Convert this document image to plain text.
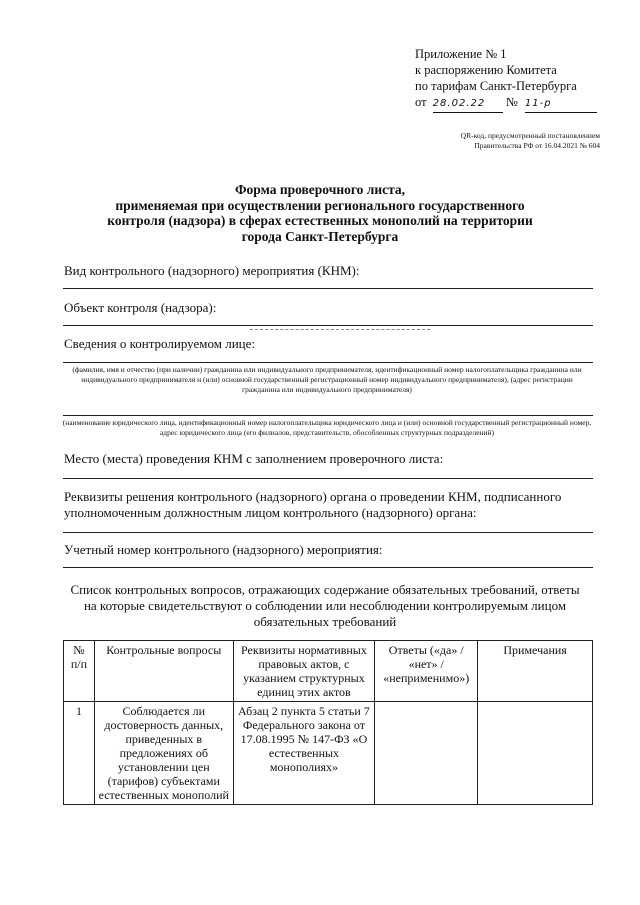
Приложение № 1
к распоряжению Комитета
по тарифам Санкт-Петербурга
от 28.02.22 № 11-р
QR-код, предусмотренный постановлением
Правительства РФ от 16.04.2021 № 604
Форма проверочного листа,
применяемая при осуществлении регионального государственного
контроля (надзора) в сферах естественных монополий на территории
города Санкт-Петербурга
Вид контрольного (надзорного) мероприятия (КНМ):
Объект контроля (надзора):
Сведения о контролируемом лице:
(фамилия, имя и отчество (при наличии) гражданина или индивидуального предпринимателя, идентификационный номер налогоплательщика гражданина или индивидуального предпринимателя и (или) основной государственный регистрационный номер индивидуального предпринимателя), (адрес регистрации гражданина или индивидуального предпринимателя)
(наименование юридического лица, идентификационный номер налогоплательщика юридического лица и (или) основной государственный регистрационный номер, адрес юридического лица (его филиалов, представительств, обособленных структурных подразделений)
Место (места) проведения КНМ с заполнением проверочного листа:
Реквизиты решения контрольного (надзорного) органа о проведении КНМ, подписанного
уполномоченным должностным лицом контрольного (надзорного) органа:
Учетный номер контрольного (надзорного) мероприятия:
Список контрольных вопросов, отражающих содержание обязательных требований, ответы
на которые свидетельствуют о соблюдении или несоблюдении контролируемым лицом
обязательных требований
№ п/п	Контрольные вопросы	Реквизиты нормативных правовых актов, с указанием структурных единиц этих актов	Ответы («да» / «нет» / «неприменимо»)	Примечания
1	Соблюдается ли достоверность данных, приведенных в предложениях об установлении цен (тарифов) субъектами естественных монополий	Абзац 2 пункта 5 статьи 7 Федерального закона от 17.08.1995 № 147-ФЗ «О естественных монополиях»		
